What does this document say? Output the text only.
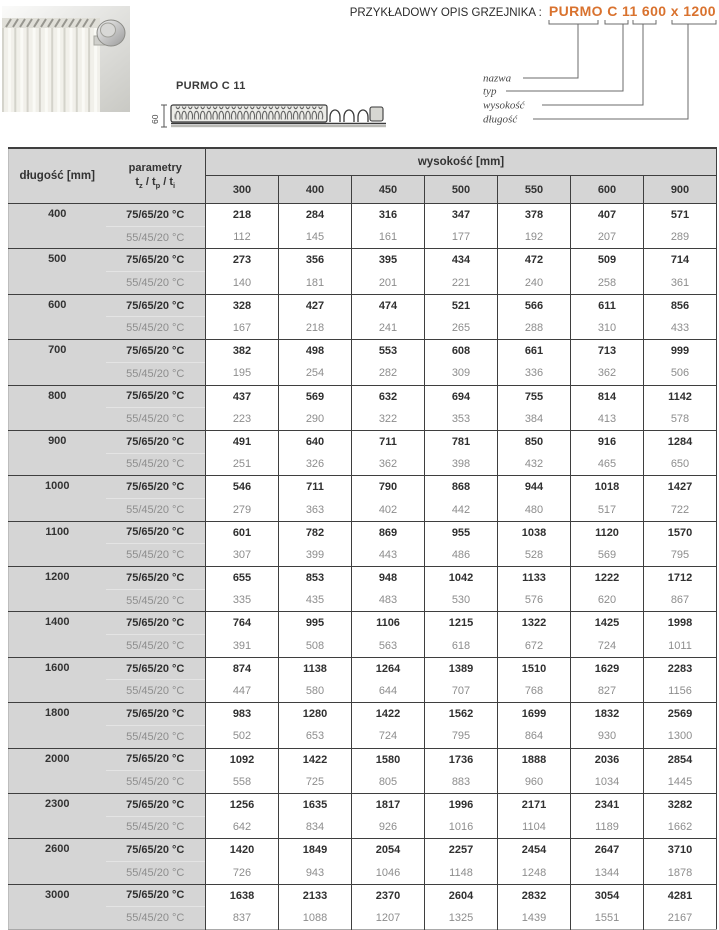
PURMO C 11
60
PRZYKŁADOWY OPIS GRZEJNIKA : PURMO C 11 600 x 1200
nazwa
typ
wysokość
długość
długość [mm]	parametry
$t_z / t_p / t_i$	wysokość [mm]						
		300	400	450	500	550	600	900
400	75/65/20 °C	218	284	316	347	378	407	571
	55/45/20 °C	112	145	161	177	192	207	289
500	75/65/20 °C	273	356	395	434	472	509	714
	55/45/20 °C	140	181	201	221	240	258	361
600	75/65/20 °C	328	427	474	521	566	611	856
	55/45/20 °C	167	218	241	265	288	310	433
700	75/65/20 °C	382	498	553	608	661	713	999
	55/45/20 °C	195	254	282	309	336	362	506
800	75/65/20 °C	437	569	632	694	755	814	1142
	55/45/20 °C	223	290	322	353	384	413	578
900	75/65/20 °C	491	640	711	781	850	916	1284
	55/45/20 °C	251	326	362	398	432	465	650
1000	75/65/20 °C	546	711	790	868	944	1018	1427
	55/45/20 °C	279	363	402	442	480	517	722
1100	75/65/20 °C	601	782	869	955	1038	1120	1570
	55/45/20 °C	307	399	443	486	528	569	795
1200	75/65/20 °C	655	853	948	1042	1133	1222	1712
	55/45/20 °C	335	435	483	530	576	620	867
1400	75/65/20 °C	764	995	1106	1215	1322	1425	1998
	55/45/20 °C	391	508	563	618	672	724	1011
1600	75/65/20 °C	874	1138	1264	1389	1510	1629	2283
	55/45/20 °C	447	580	644	707	768	827	1156
1800	75/65/20 °C	983	1280	1422	1562	1699	1832	2569
	55/45/20 °C	502	653	724	795	864	930	1300
2000	75/65/20 °C	1092	1422	1580	1736	1888	2036	2854
	55/45/20 °C	558	725	805	883	960	1034	1445
2300	75/65/20 °C	1256	1635	1817	1996	2171	2341	3282
	55/45/20 °C	642	834	926	1016	1104	1189	1662
2600	75/65/20 °C	1420	1849	2054	2257	2454	2647	3710
	55/45/20 °C	726	943	1046	1148	1248	1344	1878
3000	75/65/20 °C	1638	2133	2370	2604	2832	3054	4281
	55/45/20 °C	837	1088	1207	1325	1439	1551	2167
